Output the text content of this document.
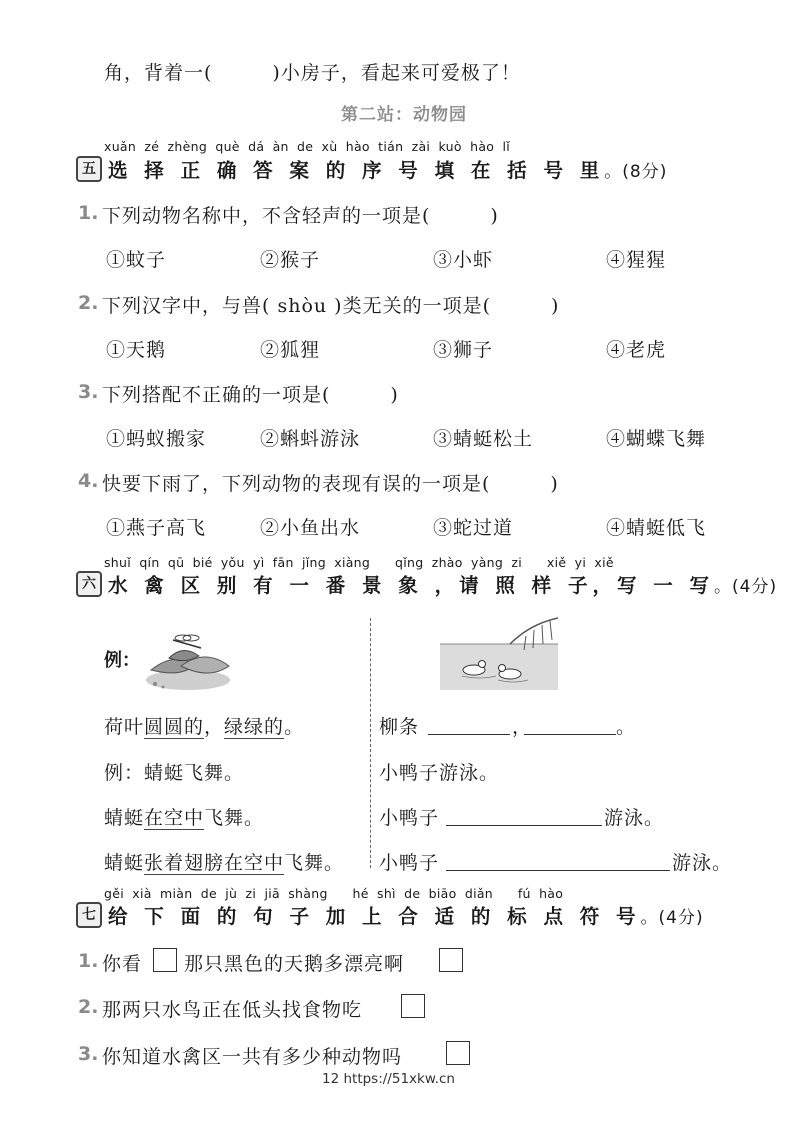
角，背着一(　　　)小房子，看起来可爱极了！
第二站：动物园
xuǎn zé zhèng què dá àn de xù hào tián zài kuò hào lǐ
五 选 择 正 确 答 案 的 序 号 填 在 括 号 里。(8分)
1. 下列动物名称中，不含轻声的一项是(　　　)
①蚊子	②猴子	③小虾	④猩猩
2. 下列汉字中，与兽( shòu )类无关的一项是(　　　)
①天鹅	②狐狸	③狮子	④老虎
3. 下列搭配不正确的一项是(　　　)
①蚂蚁搬家	②蝌蚪游泳	③蜻蜓松土	④蝴蝶飞舞
4. 快要下雨了，下列动物的表现有误的一项是(　　　)
①燕子高飞	②小鱼出水	③蛇过道	④蜻蜓低飞
shuǐ qín qū bié yǒu yì fān jǐng xiàng qǐng zhào yàng zi xiě yi xiě
六 水 禽 区 别 有 一 番 景 象 ，请 照 样 子，写 一 写。(4分)
例：
荷叶圆圆的，绿绿的。
例：蜻蜓飞舞。
蜻蜓在空中飞舞。
蜻蜓张着翅膀在空中飞舞。
柳条	，	。
小鸭子游泳。
小鸭子	游泳。
小鸭子	游泳。
gěi xià miàn de jù zi jiā shàng hé shì de biāo diǎn fú hào
七 给 下 面 的 句 子 加 上 合 适 的 标 点 符 号。(4分)
1. 你看 那只黑色的天鹅多漂亮啊
2. 那两只水鸟正在低头找食物吃
3. 你知道水禽区一共有多少种动物吗
12 https://51xkw.cn
